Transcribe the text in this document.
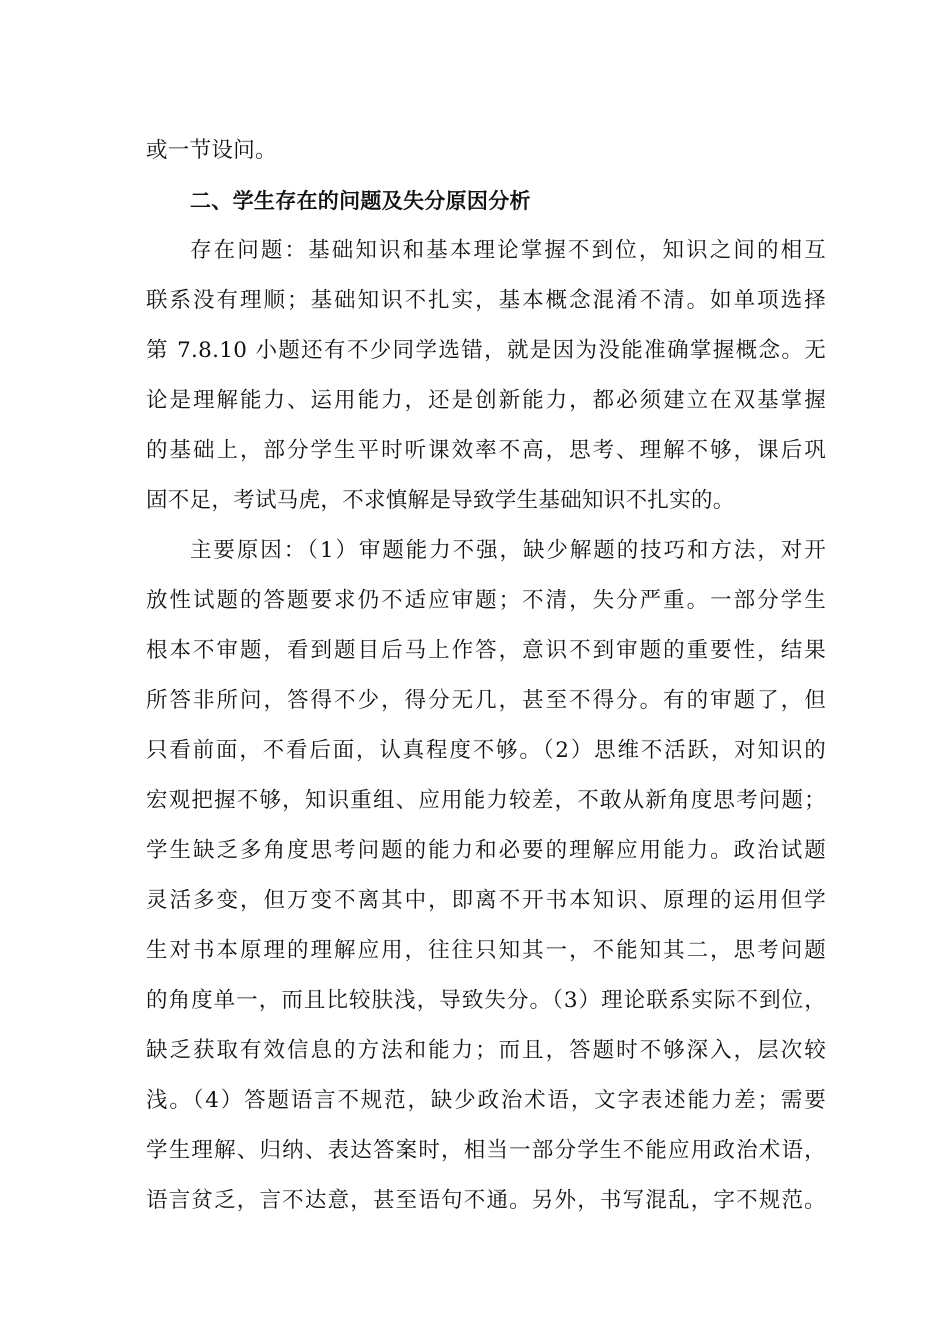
或一节设问。
二、学生存在的问题及失分原因分析
存在问题：基础知识和基本理论掌握不到位，知识之间的相互
联系没有理顺；基础知识不扎实，基本概念混淆不清。如单项选择
第 7.8.10 小题还有不少同学选错，就是因为没能准确掌握概念。无
论是理解能力、运用能力，还是创新能力，都必须建立在双基掌握
的基础上，部分学生平时听课效率不高，思考、理解不够，课后巩
固不足，考试马虎，不求慎解是导致学生基础知识不扎实的。
主要原因：（1）审题能力不强，缺少解题的技巧和方法，对开
放性试题的答题要求仍不适应审题；不清，失分严重。一部分学生
根本不审题，看到题目后马上作答，意识不到审题的重要性，结果
所答非所问，答得不少，得分无几，甚至不得分。有的审题了，但
只看前面，不看后面，认真程度不够。（2）思维不活跃，对知识的
宏观把握不够，知识重组、应用能力较差，不敢从新角度思考问题；
学生缺乏多角度思考问题的能力和必要的理解应用能力。政治试题
灵活多变，但万变不离其中，即离不开书本知识、原理的运用但学
生对书本原理的理解应用，往往只知其一，不能知其二，思考问题
的角度单一，而且比较肤浅，导致失分。（3）理论联系实际不到位，
缺乏获取有效信息的方法和能力；而且，答题时不够深入，层次较
浅。（4）答题语言不规范，缺少政治术语，文字表述能力差；需要
学生理解、归纳、表达答案时，相当一部分学生不能应用政治术语，
语言贫乏，言不达意，甚至语句不通。另外，书写混乱，字不规范。
